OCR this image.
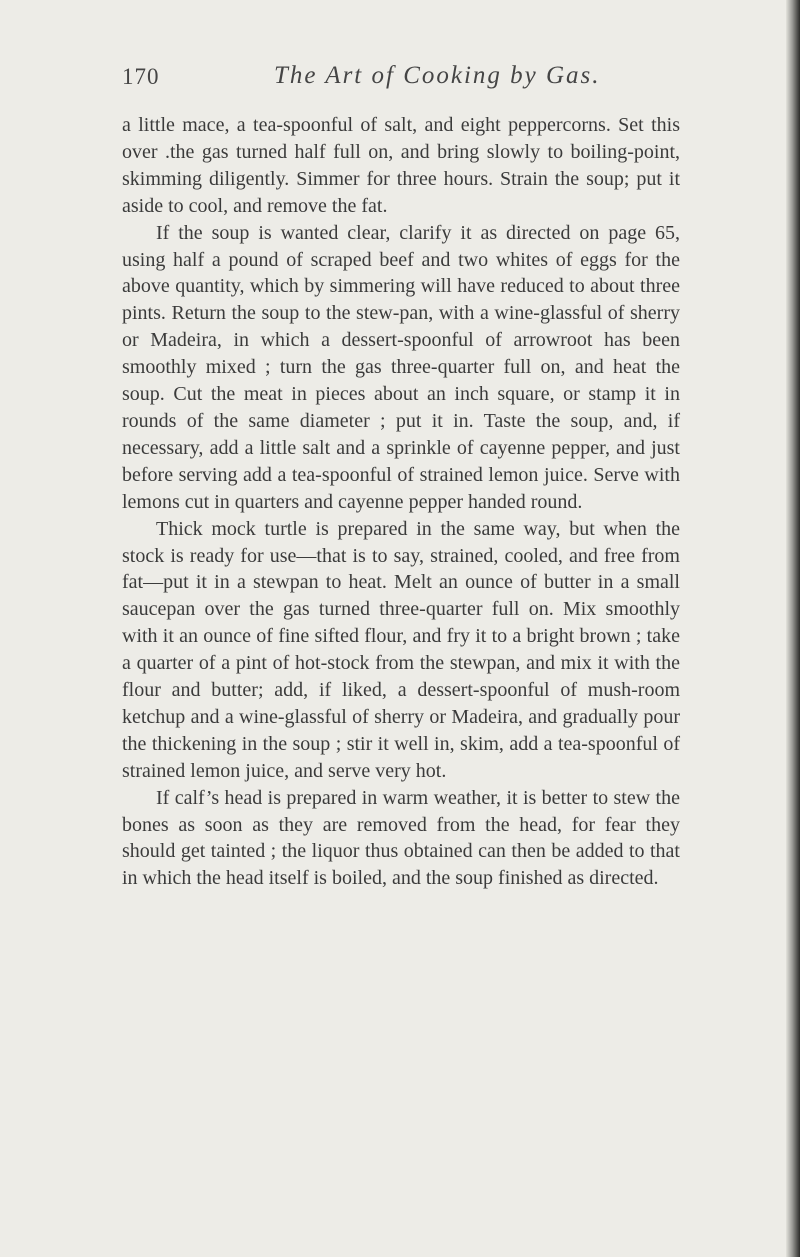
170	The Art of Cooking by Gas.

a little mace, a tea-spoonful of salt, and eight peppercorns. Set this over .the gas turned half full on, and bring slowly to boiling-point, skimming diligently. Simmer for three hours. Strain the soup; put it aside to cool, and remove the fat.

If the soup is wanted clear, clarify it as directed on page 65, using half a pound of scraped beef and two whites of eggs for the above quantity, which by simmering will have reduced to about three pints. Return the soup to the stew-pan, with a wine-glassful of sherry or Madeira, in which a dessert-spoonful of arrowroot has been smoothly mixed ; turn the gas three-quarter full on, and heat the soup. Cut the meat in pieces about an inch square, or stamp it in rounds of the same diameter ; put it in. Taste the soup, and, if necessary, add a little salt and a sprinkle of cayenne pepper, and just before serving add a tea-spoonful of strained lemon juice. Serve with lemons cut in quarters and cayenne pepper handed round.

Thick mock turtle is prepared in the same way, but when the stock is ready for use—that is to say, strained, cooled, and free from fat—put it in a stewpan to heat. Melt an ounce of butter in a small saucepan over the gas turned three-quarter full on. Mix smoothly with it an ounce of fine sifted flour, and fry it to a bright brown ; take a quarter of a pint of hot-stock from the stewpan, and mix it with the flour and butter; add, if liked, a dessert-spoonful of mush-room ketchup and a wine-glassful of sherry or Madeira, and gradually pour the thickening in the soup ; stir it well in, skim, add a tea-spoonful of strained lemon juice, and serve very hot.

If calf’s head is prepared in warm weather, it is better to stew the bones as soon as they are removed from the head, for fear they should get tainted ; the liquor thus obtained can then be added to that in which the head itself is boiled, and the soup finished as directed.
